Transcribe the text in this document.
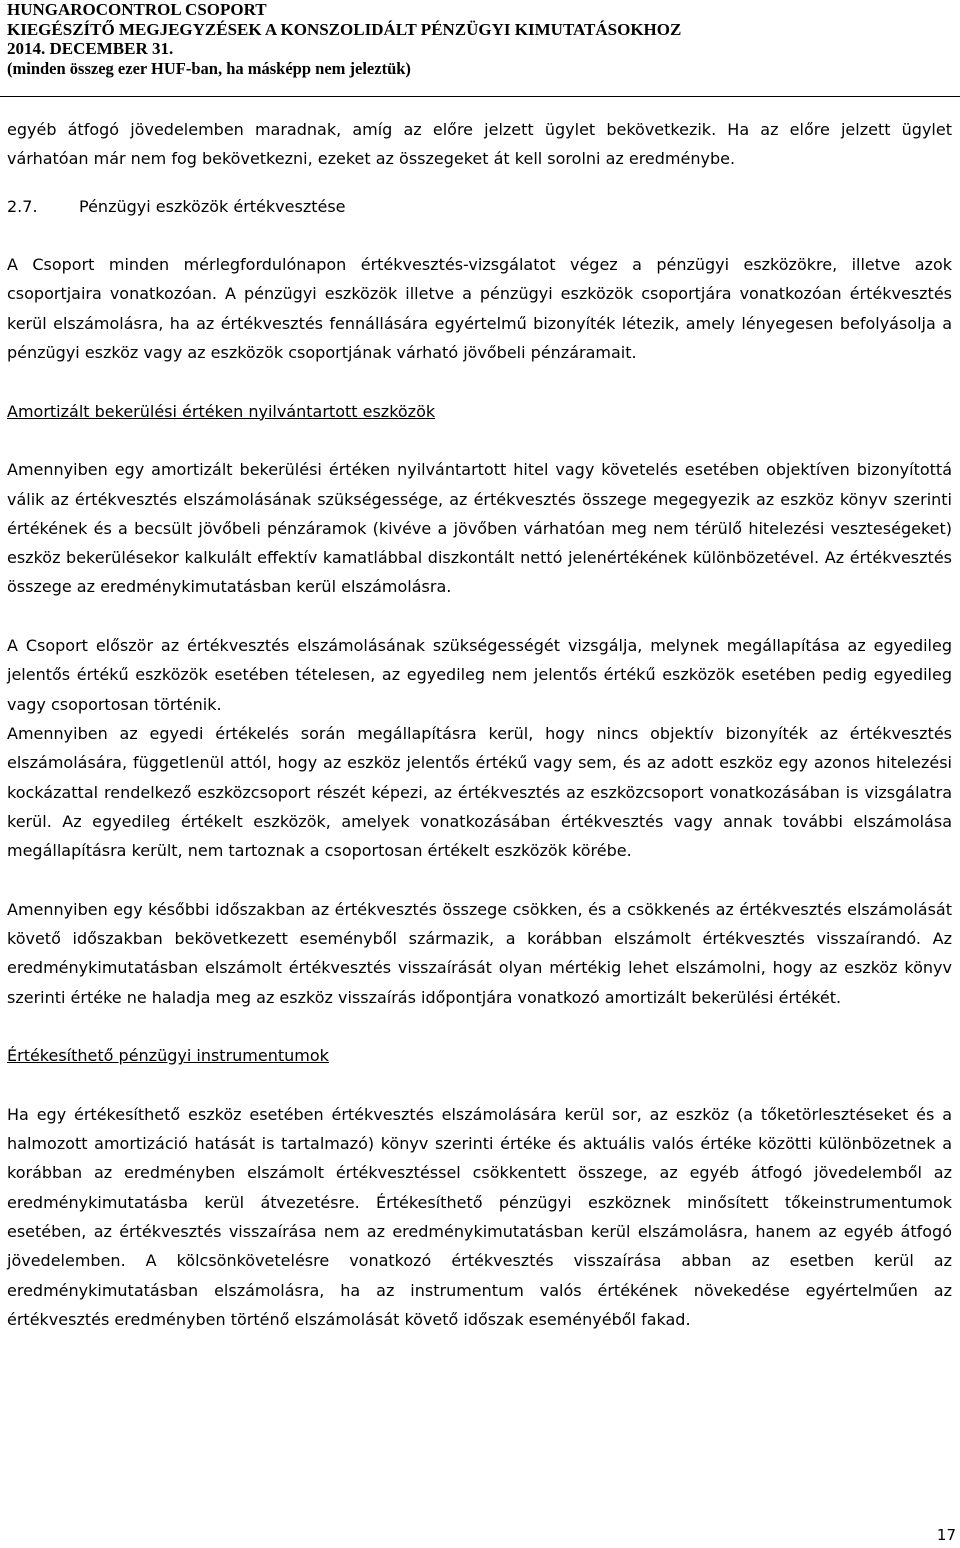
HUNGAROCONTROL CSOPORT
KIEGÉSZÍTŐ MEGJEGYZÉSEK A KONSZOLIDÁLT PÉNZÜGYI KIMUTATÁSOKHOZ
2014. DECEMBER 31.
(minden összeg ezer HUF-ban, ha másképp nem jeleztük)

egyéb átfogó jövedelemben maradnak, amíg az előre jelzett ügylet bekövetkezik. Ha az előre jelzett ügylet várhatóan már nem fog bekövetkezni, ezeket az összegeket át kell sorolni az eredménybe.

2.7.	Pénzügyi eszközök értékvesztése

A Csoport minden mérlegfordulónapon értékvesztés-vizsgálatot végez a pénzügyi eszközökre, illetve azok csoportjaira vonatkozóan. A pénzügyi eszközök illetve a pénzügyi eszközök csoportjára vonatkozóan értékvesztés kerül elszámolásra, ha az értékvesztés fennállására egyértelmű bizonyíték létezik, amely lényegesen befolyásolja a pénzügyi eszköz vagy az eszközök csoportjának várható jövőbeli pénzáramait.

Amortizált bekerülési értéken nyilvántartott eszközök

Amennyiben egy amortizált bekerülési értéken nyilvántartott hitel vagy követelés esetében objektíven bizonyítottá válik az értékvesztés elszámolásának szükségessége, az értékvesztés összege megegyezik az eszköz könyv szerinti értékének és a becsült jövőbeli pénzáramok (kivéve a jövőben várhatóan meg nem térülő hitelezési veszteségeket) eszköz bekerülésekor kalkulált effektív kamatlábbal diszkontált nettó jelenértékének különbözetével. Az értékvesztés összege az eredménykimutatásban kerül elszámolásra.

A Csoport először az értékvesztés elszámolásának szükségességét vizsgálja, melynek megállapítása az egyedileg jelentős értékű eszközök esetében tételesen, az egyedileg nem jelentős értékű eszközök esetében pedig egyedileg vagy csoportosan történik.

Amennyiben az egyedi értékelés során megállapításra kerül, hogy nincs objektív bizonyíték az értékvesztés elszámolására, függetlenül attól, hogy az eszköz jelentős értékű vagy sem, és az adott eszköz egy azonos hitelezési kockázattal rendelkező eszközcsoport részét képezi, az értékvesztés az eszközcsoport vonatkozásában is vizsgálatra kerül. Az egyedileg értékelt eszközök, amelyek vonatkozásában értékvesztés vagy annak további elszámolása megállapításra került, nem tartoznak a csoportosan értékelt eszközök körébe.

Amennyiben egy későbbi időszakban az értékvesztés összege csökken, és a csökkenés az értékvesztés elszámolását követő időszakban bekövetkezett eseményből származik, a korábban elszámolt értékvesztés visszaírandó. Az eredménykimutatásban elszámolt értékvesztés visszaírását olyan mértékig lehet elszámolni, hogy az eszköz könyv szerinti értéke ne haladja meg az eszköz visszaírás időpontjára vonatkozó amortizált bekerülési értékét.

Értékesíthető pénzügyi instrumentumok

Ha egy értékesíthető eszköz esetében értékvesztés elszámolására kerül sor, az eszköz (a tőketörlesztéseket és a halmozott amortizáció hatását is tartalmazó) könyv szerinti értéke és aktuális valós értéke közötti különbözetnek a korábban az eredményben elszámolt értékvesztéssel csökkentett összege, az egyéb átfogó jövedelemből az eredménykimutatásba kerül átvezetésre. Értékesíthető pénzügyi eszköznek minősített tőkeinstrumentumok esetében, az értékvesztés visszaírása nem az eredménykimutatásban kerül elszámolásra, hanem az egyéb átfogó jövedelemben. A kölcsönkövetelésre vonatkozó értékvesztés visszaírása abban az esetben kerül az eredménykimutatásban elszámolásra, ha az instrumentum valós értékének növekedése egyértelműen az értékvesztés eredményben történő elszámolását követő időszak eseményéből fakad.

17
